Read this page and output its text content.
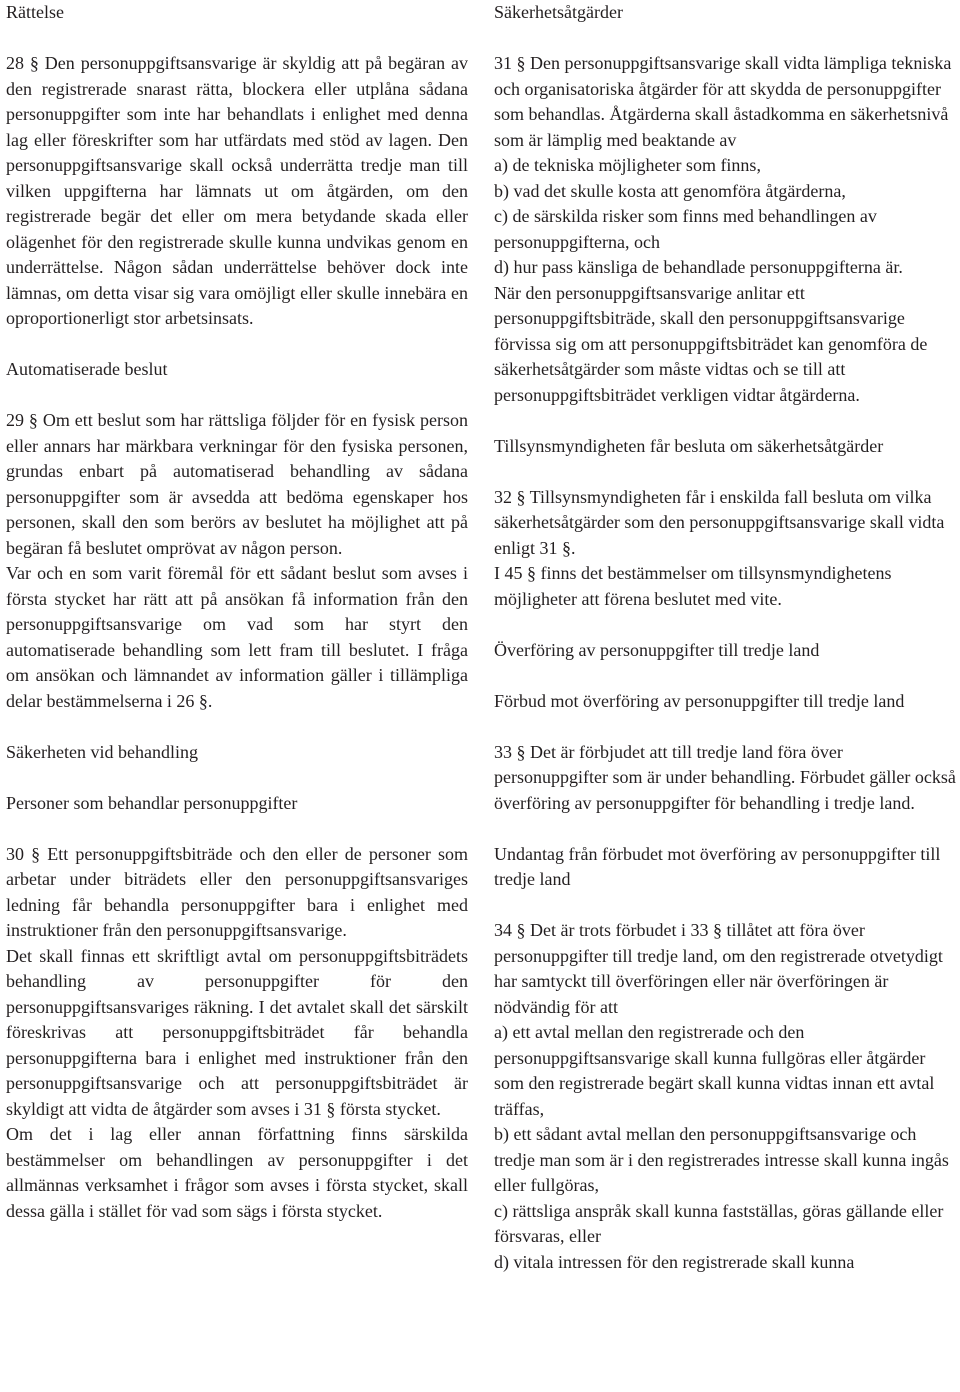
Rättelse

28 § Den personuppgiftsansvarige är skyldig att på begäran av den registrerade snarast rätta, blockera eller utplåna sådana personuppgifter som inte har behandlats i enlighet med denna lag eller föreskrifter som har utfärdats med stöd av lagen. Den personuppgiftsansvarige skall också underrätta tredje man till vilken uppgifterna har lämnats ut om åtgärden, om den registrerade begär det eller om mera betydande skada eller olägenhet för den registrerade skulle kunna undvikas genom en underrättelse. Någon sådan underrättelse behöver dock inte lämnas, om detta visar sig vara omöjligt eller skulle innebära en oproportionerligt stor arbetsinsats.

Automatiserade beslut

29 § Om ett beslut som har rättsliga följder för en fysisk person eller annars har märkbara verkningar för den fysiska personen, grundas enbart på automatiserad behandling av sådana personuppgifter som är avsedda att bedöma egenskaper hos personen, skall den som berörs av beslutet ha möjlighet att på begäran få beslutet omprövat av någon person.

Var och en som varit föremål för ett sådant beslut som avses i första stycket har rätt att på ansökan få information från den personuppgiftsansvarige om vad som har styrt den automatiserade behandling som lett fram till beslutet. I fråga om ansökan och lämnandet av information gäller i tillämpliga delar bestämmelserna i 26 §.

Säkerheten vid behandling
Personer som behandlar personuppgifter

30 § Ett personuppgiftsbiträde och den eller de personer som arbetar under biträdets eller den personuppgiftsansvariges ledning får behandla personuppgifter bara i enlighet med instruktioner från den personuppgiftsansvarige.

Det skall finnas ett skriftligt avtal om personuppgiftsbiträdets behandling av personuppgifter för den personuppgiftsansvariges räkning. I det avtalet skall det särskilt föreskrivas att personuppgiftsbiträdet får behandla personuppgifterna bara i enlighet med instruktioner från den personuppgiftsansvarige och att personuppgiftsbiträdet är skyldigt att vidta de åtgärder som avses i 31 § första stycket.

Om det i lag eller annan författning finns särskilda bestämmelser om behandlingen av personuppgifter i det allmännas verksamhet i frågor som avses i första stycket, skall dessa gälla i stället för vad som sägs i första stycket.

Säkerhetsåtgärder

31 § Den personuppgiftsansvarige skall vidta lämpliga tekniska och organisatoriska åtgärder för att skydda de personuppgifter som behandlas. Åtgärderna skall åstadkomma en säkerhetsnivå som är lämplig med beaktande av

a) de tekniska möjligheter som finns,

b) vad det skulle kosta att genomföra åtgärderna,

c) de särskilda risker som finns med behandlingen av personuppgifterna, och

d) hur pass känsliga de behandlade personuppgifterna är.

När den personuppgiftsansvarige anlitar ett personuppgiftsbiträde, skall den personuppgiftsansvarige förvissa sig om att personuppgiftsbiträdet kan genomföra de säkerhetsåtgärder som måste vidtas och se till att personuppgiftsbiträdet verkligen vidtar åtgärderna.

Tillsynsmyndigheten får besluta om säkerhetsåtgärder

32 § Tillsynsmyndigheten får i enskilda fall besluta om vilka säkerhetsåtgärder som den personuppgiftsansvarige skall vidta enligt 31 §.

I 45 § finns det bestämmelser om tillsynsmyndighetens möjligheter att förena beslutet med vite.

Överföring av personuppgifter till tredje land
Förbud mot överföring av personuppgifter till tredje land

33 § Det är förbjudet att till tredje land föra över personuppgifter som är under behandling. Förbudet gäller också överföring av personuppgifter för behandling i tredje land.

Undantag från förbudet mot överföring av personuppgifter till tredje land

34 § Det är trots förbudet i 33 § tillåtet att föra över personuppgifter till tredje land, om den registrerade otvetydigt har samtyckt till överföringen eller när överföringen är nödvändig för att

a) ett avtal mellan den registrerade och den personuppgiftsansvarige skall kunna fullgöras eller åtgärder som den registrerade begärt skall kunna vidtas innan ett avtal träffas,

b) ett sådant avtal mellan den personuppgiftsansvarige och tredje man som är i den registrerades intresse skall kunna ingås eller fullgöras,

c) rättsliga anspråk skall kunna fastställas, göras gällande eller försvaras, eller

d) vitala intressen för den registrerade skall kunna
